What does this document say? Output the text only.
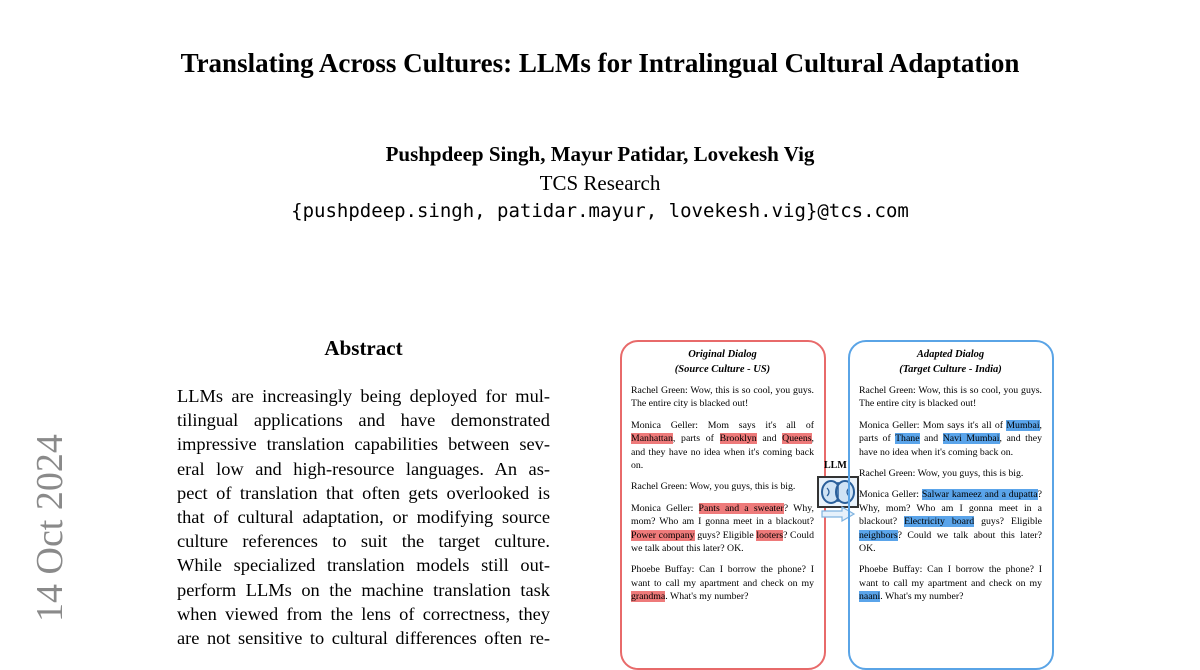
Translating Across Cultures: LLMs for Intralingual Cultural Adaptation
Pushpdeep Singh, Mayur Patidar, Lovekesh Vig
TCS Research
{pushpdeep.singh, patidar.mayur, lovekesh.vig}@tcs.com
14 Oct 2024
Abstract
LLMs are increasingly being deployed for mul-
tilingual applications and have demonstrated
impressive translation capabilities between sev-
eral low and high-resource languages. An as-
pect of translation that often gets overlooked is
that of cultural adaptation, or modifying source
culture references to suit the target culture.
While specialized translation models still out-
perform LLMs on the machine translation task
when viewed from the lens of correctness, they
are not sensitive to cultural differences often re-
Original Dialog
(Source Culture - US)
Rachel Green: Wow, this is so cool, you guys. The entire city is blacked out!
Monica Geller: Mom says it's all of Manhattan, parts of Brooklyn and Queens, and they have no idea when it's coming back on.
Rachel Green: Wow, you guys, this is big.
Monica Geller: Pants and a sweater? Why, mom? Who am I gonna meet in a blackout? Power company guys? Eligible looters? Could we talk about this later? OK.
Phoebe Buffay: Can I borrow the phone? I want to call my apartment and check on my grandma. What's my number?
LLM
Adapted Dialog
(Target Culture - India)
Rachel Green: Wow, this is so cool, you guys. The entire city is blacked out!
Monica Geller: Mom says it's all of Mumbai, parts of Thane and Navi Mumbai, and they have no idea when it's coming back on.
Rachel Green: Wow, you guys, this is big.
Monica Geller: Salwar kameez and a dupatta? Why, mom? Who am I gonna meet in a blackout? Electricity board guys? Eligible neighbors? Could we talk about this later? OK.
Phoebe Buffay: Can I borrow the phone? I want to call my apartment and check on my naani. What's my number?
